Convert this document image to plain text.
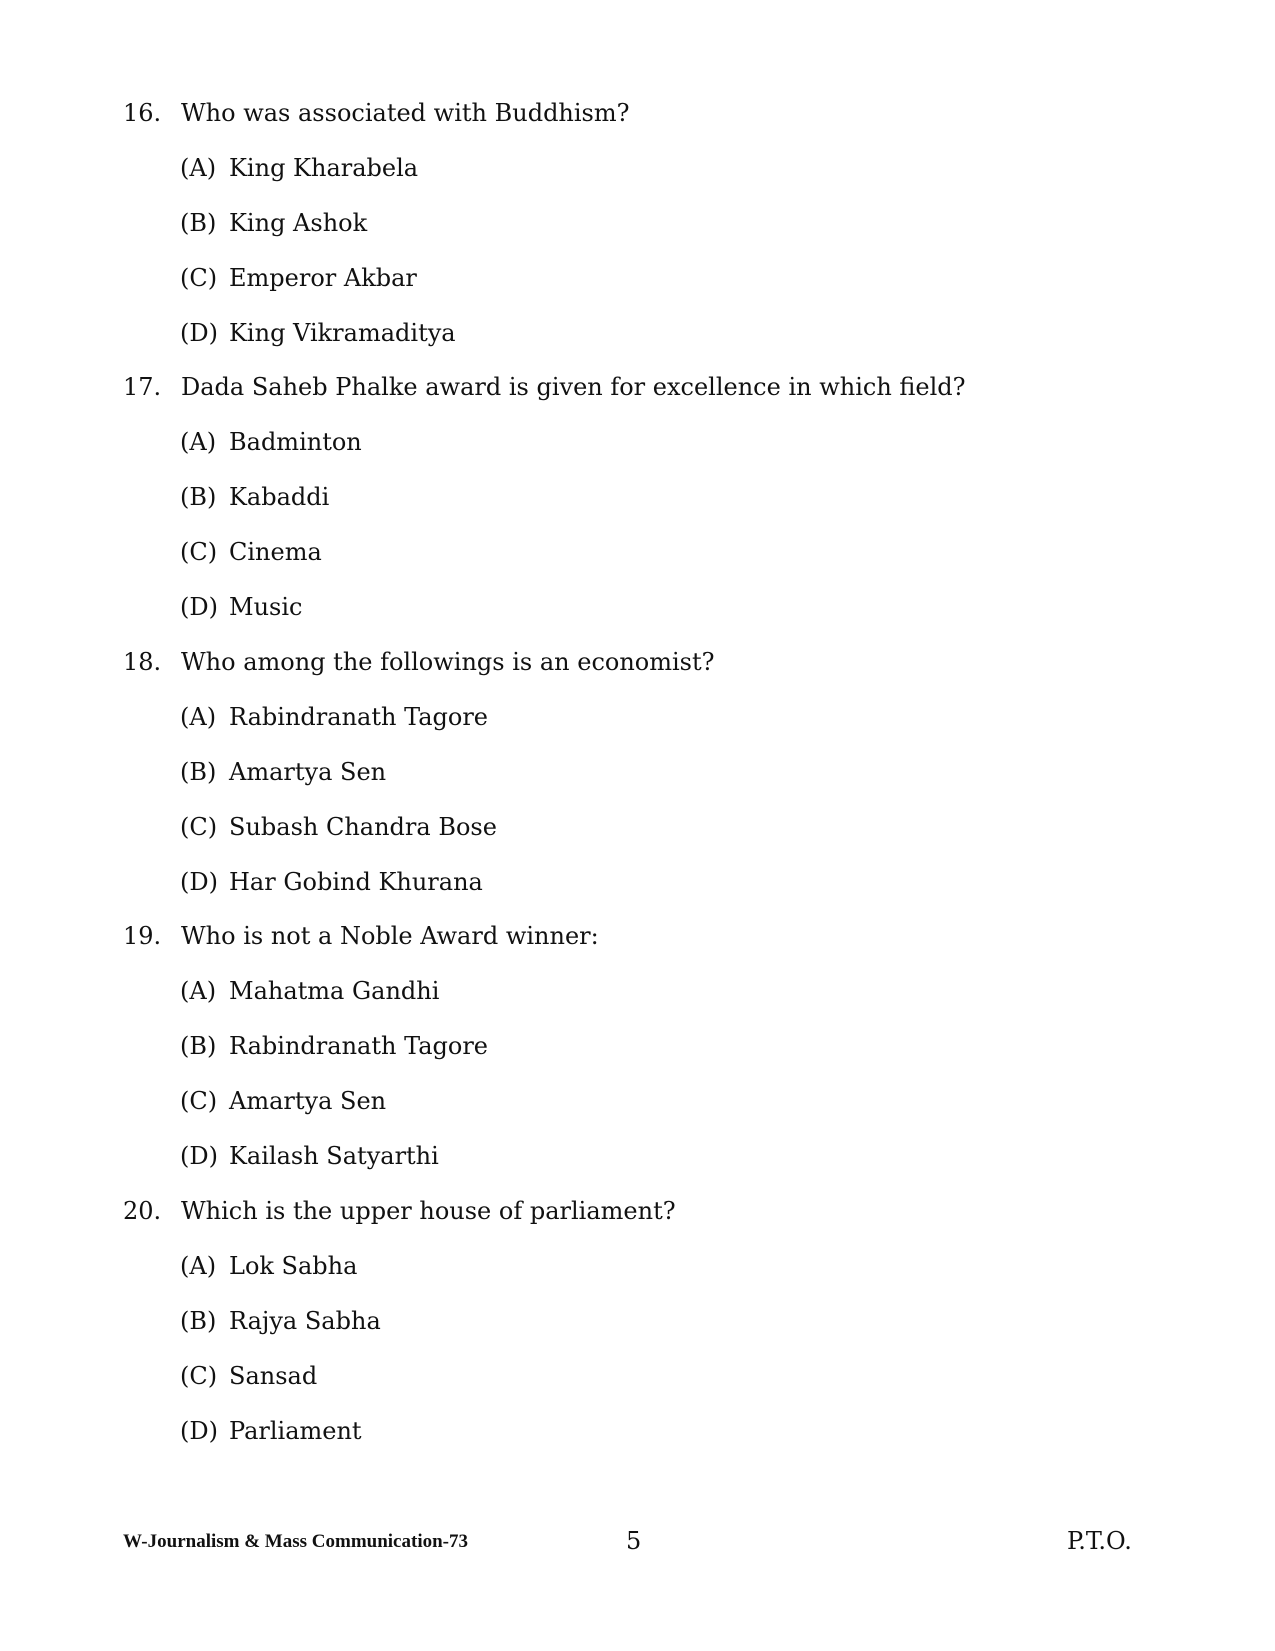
16. Who was associated with Buddhism?
(A) King Kharabela
(B) King Ashok
(C) Emperor Akbar
(D) King Vikramaditya
17. Dada Saheb Phalke award is given for excellence in which field?
(A) Badminton
(B) Kabaddi
(C) Cinema
(D) Music
18. Who among the followings is an economist?
(A) Rabindranath Tagore
(B) Amartya Sen
(C) Subash Chandra Bose
(D) Har Gobind Khurana
19. Who is not a Noble Award winner:
(A) Mahatma Gandhi
(B) Rabindranath Tagore
(C) Amartya Sen
(D) Kailash Satyarthi
20. Which is the upper house of parliament?
(A) Lok Sabha
(B) Rajya Sabha
(C) Sansad
(D) Parliament
W-Journalism & Mass Communication-73	5	P.T.O.
